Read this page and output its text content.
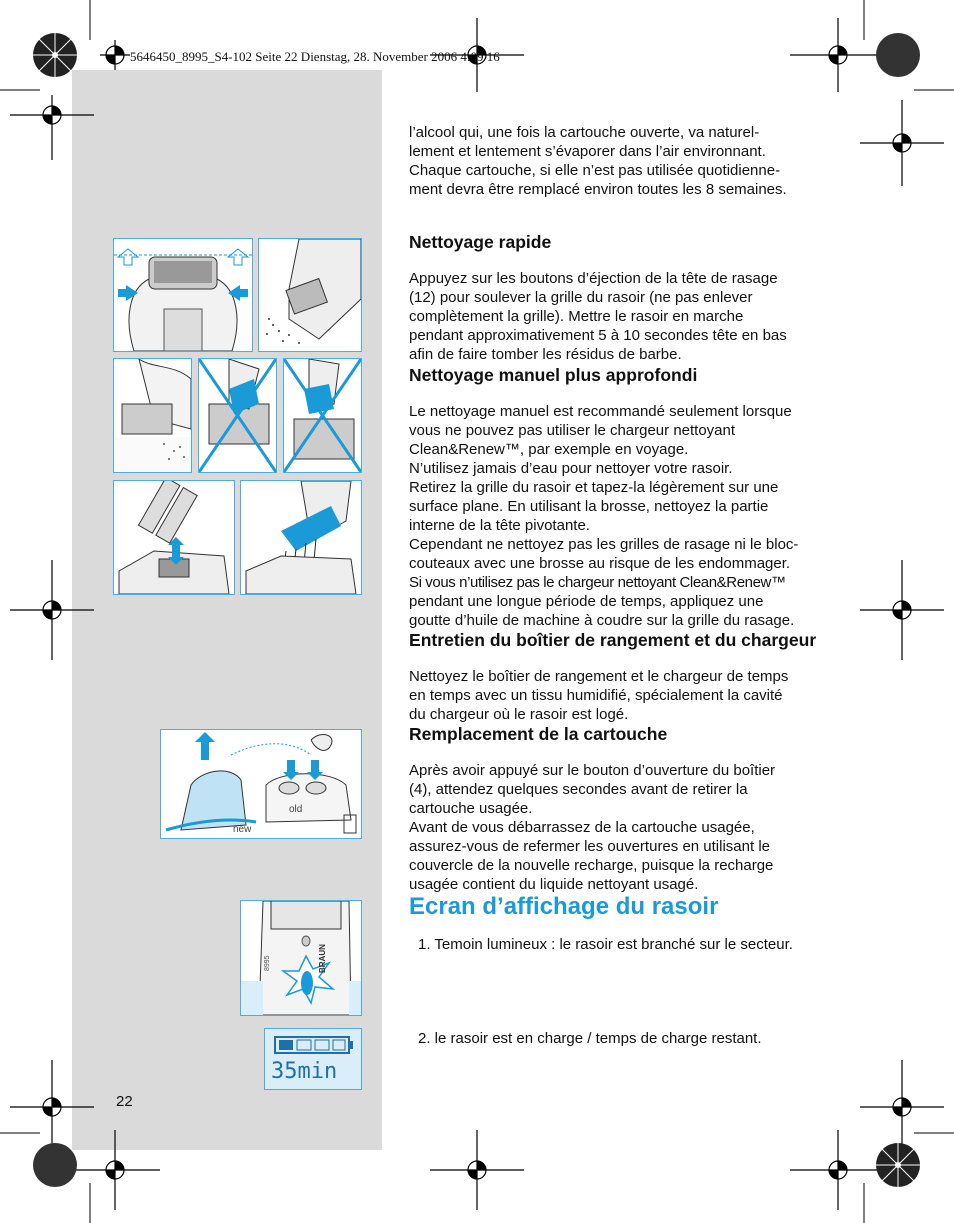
5646450_8995_S4-102 Seite 22 Dienstag, 28. November 2006 4:09 16
new
old
8995	BRAUN
35min

l’alcool qui, une fois la cartouche ouverte, va naturel-

lement et lentement s’évaporer dans l’air environnant.

Chaque cartouche, si elle n’est pas utilisée quotidienne-

ment devra être remplacé environ toutes les 8 semaines.

Nettoyage rapide

Appuyez sur les boutons d’éjection de la tête de rasage

(12) pour soulever la grille du rasoir (ne pas enlever

complètement la grille). Mettre le rasoir en marche

pendant approximativement 5 à 10 secondes tête en bas

afin de faire tomber les résidus de barbe.

Nettoyage manuel plus approfondi

Le nettoyage manuel est recommandé seulement lorsque

vous ne pouvez pas utiliser le chargeur nettoyant

Clean&Renew™, par exemple en voyage.

N’utilisez jamais d’eau pour nettoyer votre rasoir.

Retirez la grille du rasoir et tapez-la légèrement sur une

surface plane. En utilisant la brosse, nettoyez la partie

interne de la tête pivotante.

Cependant ne nettoyez pas les grilles de rasage ni le bloc-

couteaux avec une brosse au risque de les endommager.

Si vous n’utilisez pas le chargeur nettoyant Clean&Renew™

pendant une longue période de temps, appliquez une

goutte d’huile de machine à coudre sur la grille du rasage.

Entretien du boîtier de rangement et du chargeur

Nettoyez le boîtier de rangement et le chargeur de temps

en temps avec un tissu humidifié, spécialement la cavité

du chargeur où le rasoir est logé.

Remplacement de la cartouche

Après avoir appuyé sur le bouton d’ouverture du boîtier

(4), attendez quelques secondes avant de retirer la

cartouche usagée.

Avant de vous débarrassez de la cartouche usagée,

assurez-vous de refermer les ouvertures en utilisant le

couvercle de la nouvelle recharge, puisque la recharge

usagée contient du liquide nettoyant usagé.

Ecran d’affichage du rasoir
1. Temoin lumineux : le rasoir est branché sur le secteur.
2. le rasoir est en charge / temps de charge restant.
22
